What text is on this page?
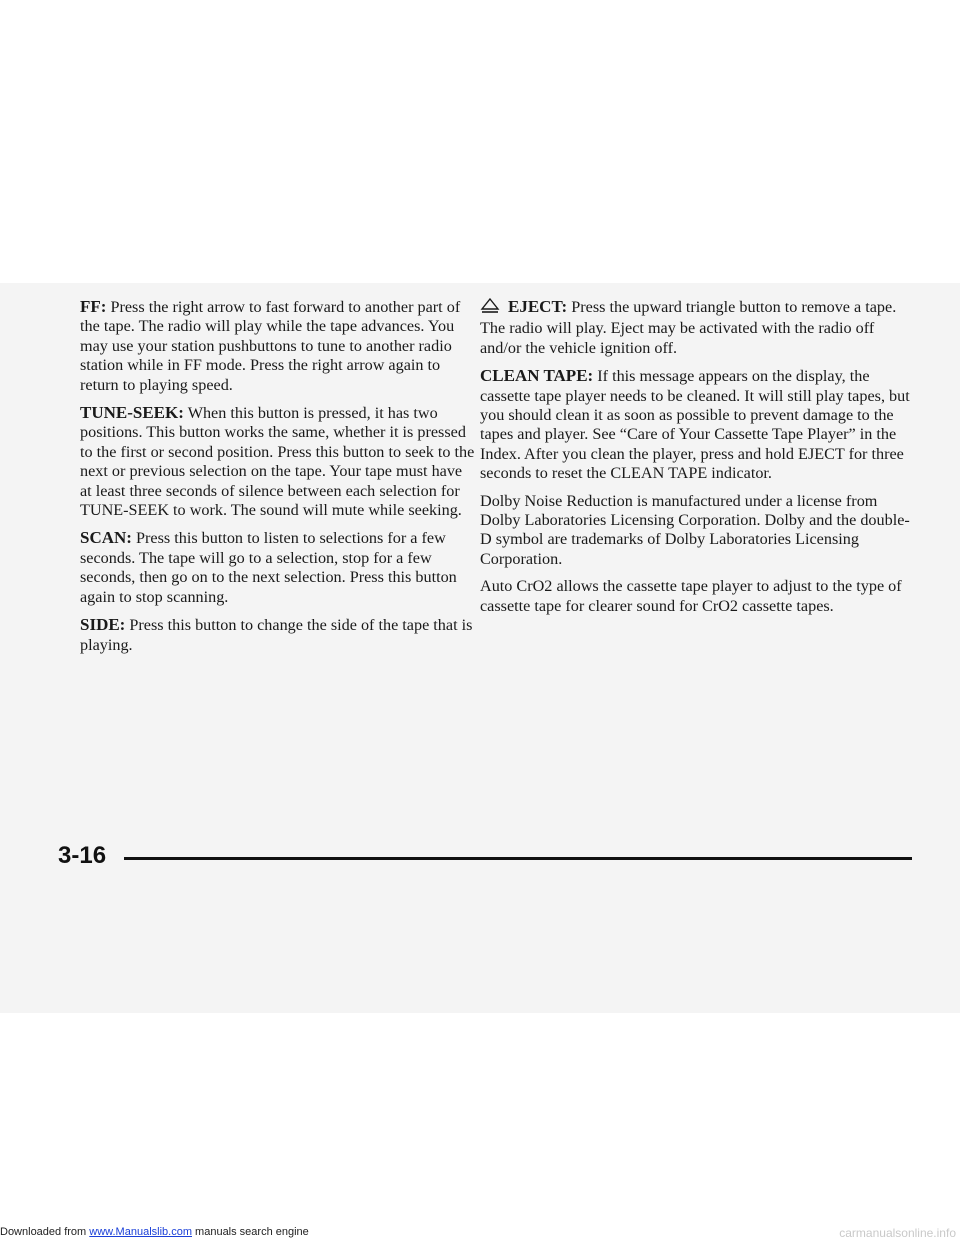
FF: Press the right arrow to fast forward to another part of the tape. The radio will play while the tape advances. You may use your station pushbuttons to tune to another radio station while in FF mode. Press the right arrow again to return to playing speed.

TUNE-SEEK: When this button is pressed, it has two positions. This button works the same, whether it is pressed to the first or second position. Press this button to seek to the next or previous selection on the tape. Your tape must have at least three seconds of silence between each selection for TUNE-SEEK to work. The sound will mute while seeking.

SCAN: Press this button to listen to selections for a few seconds. The tape will go to a selection, stop for a few seconds, then go on to the next selection. Press this button again to stop scanning.

SIDE: Press this button to change the side of the tape that is playing.

EJECT: Press the upward triangle button to remove a tape. The radio will play. Eject may be activated with the radio off and/or the vehicle ignition off.

CLEAN TAPE: If this message appears on the display, the cassette tape player needs to be cleaned. It will still play tapes, but you should clean it as soon as possible to prevent damage to the tapes and player. See “Care of Your Cassette Tape Player” in the Index. After you clean the player, press and hold EJECT for three seconds to reset the CLEAN TAPE indicator.

Dolby Noise Reduction is manufactured under a license from Dolby Laboratories Licensing Corporation. Dolby and the double-D symbol are trademarks of Dolby Laboratories Licensing Corporation.

Auto CrO2 allows the cassette tape player to adjust to the type of cassette tape for clearer sound for CrO2 cassette tapes.

3-16
Downloaded from www.Manualslib.com manuals search engine	carmanualsonline.info
